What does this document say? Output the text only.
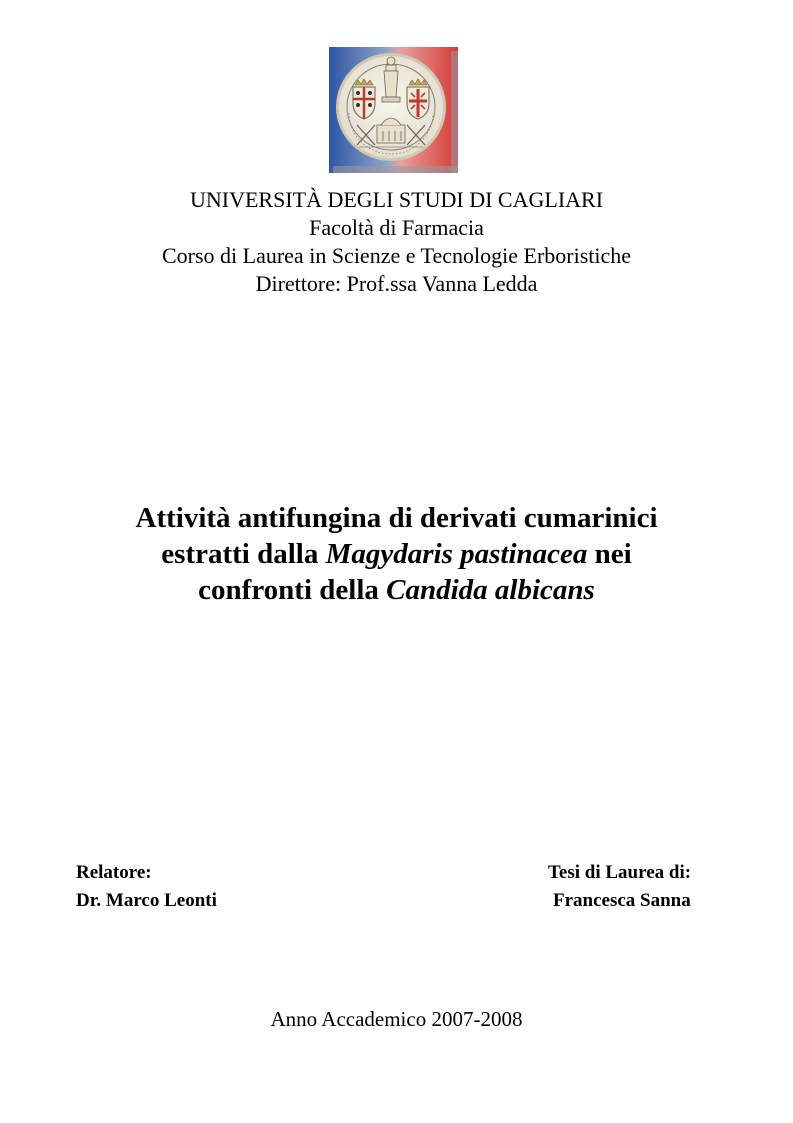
UNIVERSITÀ DEGLI STUDI DI CAGLIARI
Facoltà di Farmacia
Corso di Laurea in Scienze e Tecnologie Erboristiche
Direttore: Prof.ssa Vanna Ledda
Attività antifungina di derivati cumarinici
estratti dalla Magydaris pastinacea nei
confronti della Candida albicans
Relatore:
Dr. Marco Leonti
Tesi di Laurea di:
Francesca Sanna
Anno Accademico 2007-2008
